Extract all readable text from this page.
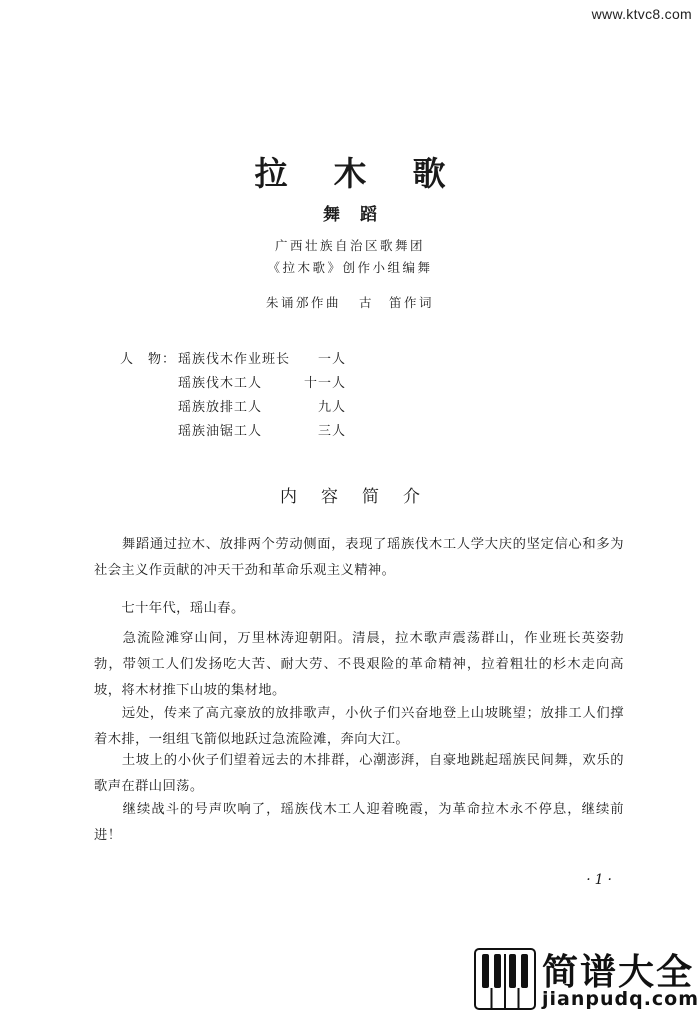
www.ktvc8.com
拉木歌
舞蹈
广西壮族自治区歌舞团
《拉木歌》创作小组编舞
朱诵邠作曲 古　笛作词
人　物： 瑶族伐木作业班长	一人
瑶族伐木工人	十一人
瑶族放排工人	九人
瑶族油锯工人	三人
内容简介
　　舞蹈通过拉木、放排两个劳动侧面，表现了瑶族伐木工人学大庆的坚定信心和多为社会主义作贡献的冲天干劲和革命乐观主义精神。
　　七十年代，瑶山春。
　　急流险滩穿山间，万里林涛迎朝阳。清晨，拉木歌声震荡群山，作业班长英姿勃勃，带领工人们发扬吃大苦、耐大劳、不畏艰险的革命精神，拉着粗壮的杉木走向高坡，将木材推下山坡的集材地。
　　远处，传来了高亢豪放的放排歌声，小伙子们兴奋地登上山坡眺望；放排工人们撑着木排，一组组飞箭似地跃过急流险滩，奔向大江。
　　土坡上的小伙子们望着远去的木排群，心潮澎湃，自豪地跳起瑶族民间舞，欢乐的歌声在群山回荡。
　　继续战斗的号声吹响了，瑶族伐木工人迎着晚霞，为革命拉木永不停息，继续前进！
·1·
简谱大全
jianpudq.com
